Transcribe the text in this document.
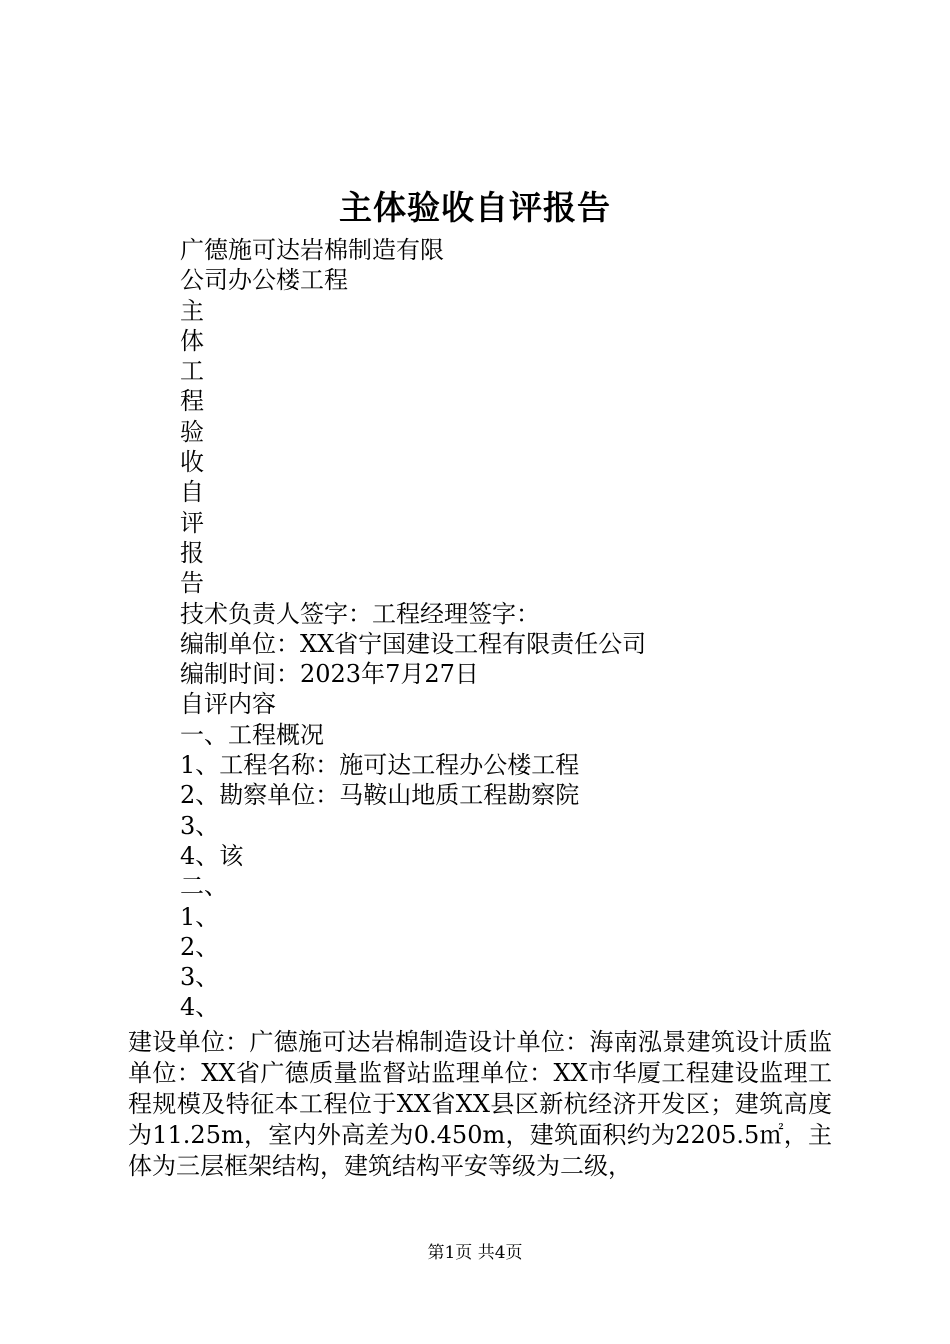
主体验收自评报告
广德施可达岩棉制造有限
公司办公楼工程
主
体
工
程
验
收
自
评
报
告
技术负责人签字：工程经理签字：
编制单位：XX省宁国建设工程有限责任公司
编制时间：2023年7月27日
自评内容
一、工程概况
1、工程名称：施可达工程办公楼工程
2、勘察单位：马鞍山地质工程勘察院
3、
4、该
二、
1、
2、
3、
4、
建设单位：广德施可达岩棉制造设计单位：海南泓景建筑设计质监单位：XX省广德质量监督站监理单位：XX市华厦工程建设监理工程规模及特征本工程位于XX省XX县区新杭经济开发区；建筑高度为11.25m，室内外高差为0.450m，建筑面积约为2205.5㎡，主体为三层框架结构，建筑结构平安等级为二级，
第1页 共4页
